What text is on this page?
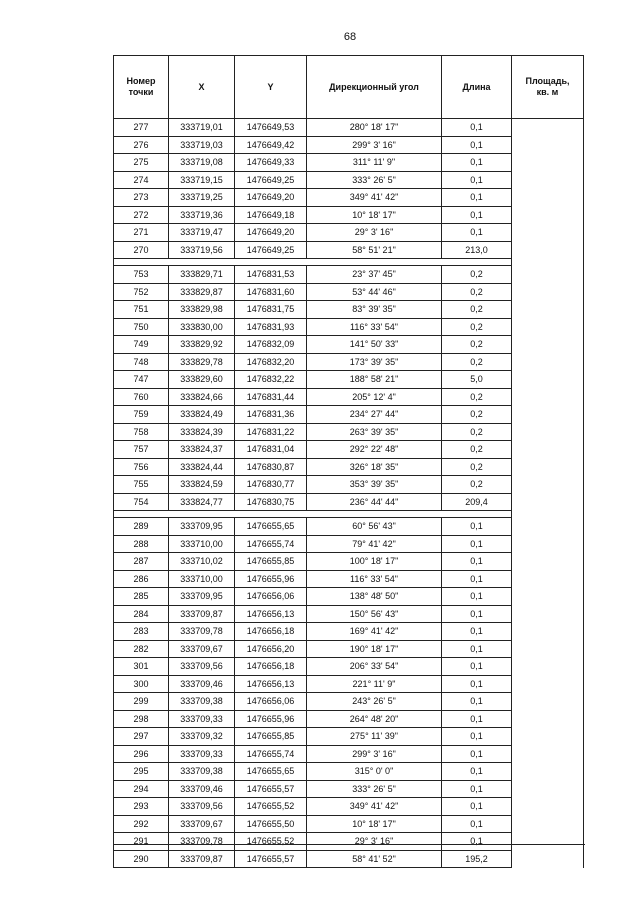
68
Номер точки	X	Y	Дирекционный угол	Длина	Площадь, кв. м
277	333719,01	1476649,53	280° 18' 17"	0,1	
276	333719,03	1476649,42	299° 3' 16"	0,1	
275	333719,08	1476649,33	311° 11' 9"	0,1	
274	333719,15	1476649,25	333° 26' 5"	0,1	
273	333719,25	1476649,20	349° 41' 42"	0,1	
272	333719,36	1476649,18	10° 18' 17"	0,1	
271	333719,47	1476649,20	29° 3' 16"	0,1	
270	333719,56	1476649,25	58° 51' 21"	213,0	

753	333829,71	1476831,53	23° 37' 45"	0,2	
752	333829,87	1476831,60	53° 44' 46"	0,2	
751	333829,98	1476831,75	83° 39' 35"	0,2	
750	333830,00	1476831,93	116° 33' 54"	0,2	
749	333829,92	1476832,09	141° 50' 33"	0,2	
748	333829,78	1476832,20	173° 39' 35"	0,2	
747	333829,60	1476832,22	188° 58' 21"	5,0	
760	333824,66	1476831,44	205° 12' 4"	0,2	
759	333824,49	1476831,36	234° 27' 44"	0,2	
758	333824,39	1476831,22	263° 39' 35"	0,2	
757	333824,37	1476831,04	292° 22' 48"	0,2	
756	333824,44	1476830,87	326° 18' 35"	0,2	
755	333824,59	1476830,77	353° 39' 35"	0,2	
754	333824,77	1476830,75	236° 44' 44"	209,4	

289	333709,95	1476655,65	60° 56' 43"	0,1	
288	333710,00	1476655,74	79° 41' 42"	0,1	
287	333710,02	1476655,85	100° 18' 17"	0,1	
286	333710,00	1476655,96	116° 33' 54"	0,1	
285	333709,95	1476656,06	138° 48' 50"	0,1	
284	333709,87	1476656,13	150° 56' 43"	0,1	
283	333709,78	1476656,18	169° 41' 42"	0,1	
282	333709,67	1476656,20	190° 18' 17"	0,1	
301	333709,56	1476656,18	206° 33' 54"	0,1	
300	333709,46	1476656,13	221° 11' 9"	0,1	
299	333709,38	1476656,06	243° 26' 5"	0,1	
298	333709,33	1476655,96	264° 48' 20"	0,1	
297	333709,32	1476655,85	275° 11' 39"	0,1	
296	333709,33	1476655,74	299° 3' 16"	0,1	
295	333709,38	1476655,65	315° 0' 0"	0,1	
294	333709,46	1476655,57	333° 26' 5"	0,1	
293	333709,56	1476655,52	349° 41' 42"	0,1	
292	333709,67	1476655,50	10° 18' 17"	0,1	
291	333709,78	1476655,52	29° 3' 16"	0,1	
290	333709,87	1476655,57	58° 41' 52"	195,2	
